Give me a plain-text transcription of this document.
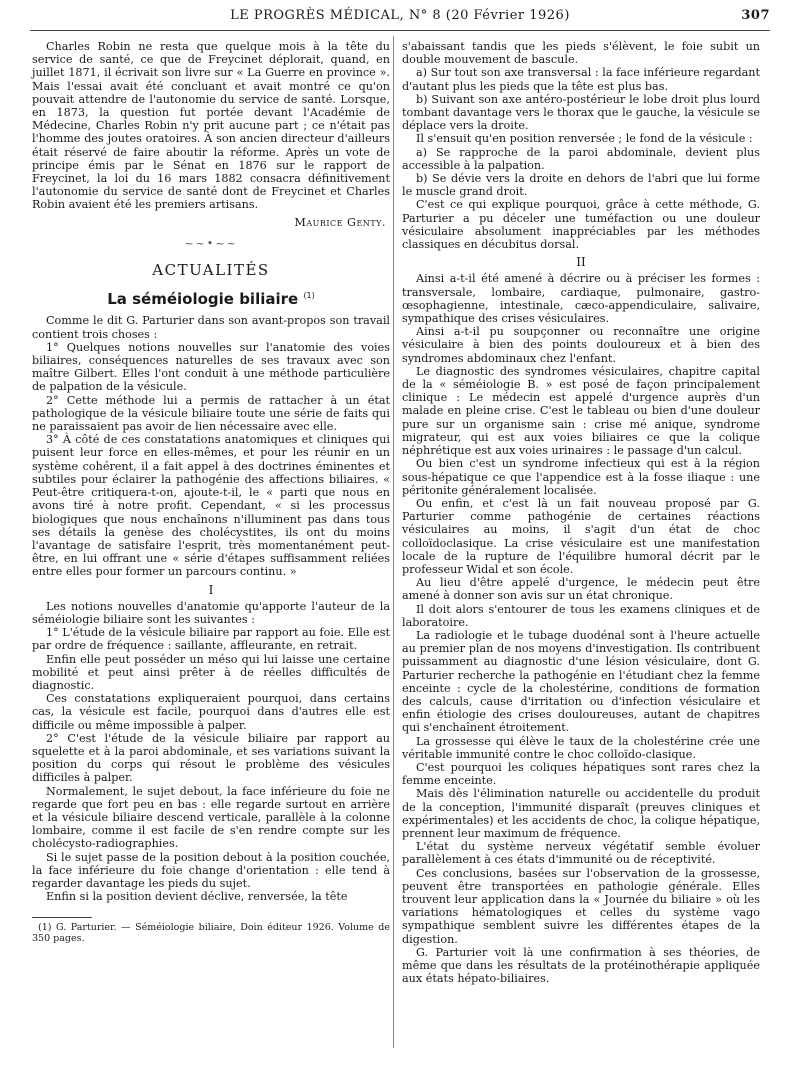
LE PROGRÈS MÉDICAL, N° 8 (20 Février 1926)	307

Charles Robin ne resta que quelque mois à la tête du service de santé, ce que de Freycinet déplorait, quand, en juillet 1871, il écrivait son livre sur « La Guerre en province ». Mais l'essai avait été concluant et avait montré ce qu'on pouvait attendre de l'autonomie du service de santé. Lorsque, en 1873, la question fut portée devant l'Académie de Médecine, Charles Robin n'y prit aucune part ; ce n'était pas l'homme des joutes oratoires. À son ancien directeur d'ailleurs était réservé de faire aboutir la réforme. Après un vote de principe émis par le Sénat en 1876 sur le rapport de Freycinet, la loi du 16 mars 1882 consacra définitivement l'autonomie du service de santé dont de Freycinet et Charles Robin avaient été les premiers artisans.

Maurice Genty.

~~•~~

ACTUALITÉS

La séméiologie biliaire $^{(1)}$

Comme le dit G. Parturier dans son avant-propos son travail contient trois choses :

1° Quelques notions nouvelles sur l'anatomie des voies biliaires, conséquences naturelles de ses travaux avec son maître Gilbert. Elles l'ont conduit à une méthode particulière de palpation de la vésicule.

2° Cette méthode lui a permis de rattacher à un état pathologique de la vésicule biliaire toute une série de faits qui ne paraissaient pas avoir de lien nécessaire avec elle.

3° À côté de ces constatations anatomiques et cliniques qui puisent leur force en elles-mêmes, et pour les réunir en un système cohérent, il a fait appel à des doctrines éminentes et subtiles pour éclairer la pathogénie des affections biliaires. « Peut-être critiquera-t-on, ajoute-t-il, le « parti que nous en avons tiré à notre profit. Cependant, « si les processus biologiques que nous enchaînons n'illuminent pas dans tous ses détails la genèse des cholécystites, ils ont du moins l'avantage de satisfaire l'esprit, très momentanément peut-être, en lui offrant une « série d'étapes suffisamment reliées entre elles pour former un parcours continu. »

I

Les notions nouvelles d'anatomie qu'apporte l'auteur de la séméiologie biliaire sont les suivantes :

1° L'étude de la vésicule biliaire par rapport au foie. Elle est par ordre de fréquence : saillante, affleurante, en retrait.

Enfin elle peut posséder un méso qui lui laisse une certaine mobilité et peut ainsi prêter à de réelles difficultés de diagnostic.

Ces constatations expliqueraient pourquoi, dans certains cas, la vésicule est facile, pourquoi dans d'autres elle est difficile ou même impossible à palper.

2° C'est l'étude de la vésicule biliaire par rapport au squelette et à la paroi abdominale, et ses variations suivant la position du corps qui résout le problème des vésicules difficiles à palper.

Normalement, le sujet debout, la face inférieure du foie ne regarde que fort peu en bas : elle regarde surtout en arrière et la vésicule biliaire descend verticale, parallèle à la colonne lombaire, comme il est facile de s'en rendre compte sur les cholécysto-radiographies.

Si le sujet passe de la position debout à la position couchée, la face inférieure du foie change d'orientation : elle tend à regarder davantage les pieds du sujet.

Enfin si la position devient déclive, renversée, la tête

(1) G. Parturier. — Séméiologie biliaire, Doin éditeur 1926. Volume de 350 pages.

s'abaissant tandis que les pieds s'élèvent, le foie subit un double mouvement de bascule.

a) Sur tout son axe transversal : la face inférieure regardant d'autant plus les pieds que la tête est plus bas.

b) Suivant son axe antéro-postérieur le lobe droit plus lourd tombant davantage vers le thorax que le gauche, la vésicule se déplace vers la droite.

Il s'ensuit qu'en position renversée ; le fond de la vésicule :

a) Se rapproche de la paroi abdominale, devient plus accessible à la palpation.

b) Se dévie vers la droite en dehors de l'abri que lui forme le muscle grand droit.

C'est ce qui explique pourquoi, grâce à cette méthode, G. Parturier a pu déceler une tuméfaction ou une douleur vésiculaire absolument inappréciables par les méthodes classiques en décubitus dorsal.

II

Ainsi a-t-il été amené à décrire ou à préciser les formes : transversale, lombaire, cardiaque, pulmonaire, gastro-œsophagienne, intestinale, cæco-appendiculaire, salivaire, sympathique des crises vésiculaires.

Ainsi a-t-il pu soupçonner ou reconnaître une origine vésiculaire à bien des points douloureux et à bien des syndromes abdominaux chez l'enfant.

Le diagnostic des syndromes vésiculaires, chapitre capital de la « séméiologie B. » est posé de façon principalement clinique : Le médecin est appelé d'urgence auprès d'un malade en pleine crise. C'est le tableau ou bien d'une douleur pure sur un organisme sain : crise mé anique, syndrome migrateur, qui est aux voies biliaires ce que la colique néphrétique est aux voies urinaires : le passage d'un calcul.

Ou bien c'est un syndrome infectieux qui est à la région sous-hépatique ce que l'appendice est à la fosse iliaque : une péritonite généralement localisée.

Ou enfin, et c'est là un fait nouveau proposé par G. Parturier comme pathogénie de certaines réactions vésiculaires au moins, il s'agit d'un état de choc colloïdoclasique. La crise vésiculaire est une manifestation locale de la rupture de l'équilibre humoral décrit par le professeur Widal et son école.

Au lieu d'être appelé d'urgence, le médecin peut être amené à donner son avis sur un état chronique.

Il doit alors s'entourer de tous les examens cliniques et de laboratoire.

La radiologie et le tubage duodénal sont à l'heure actuelle au premier plan de nos moyens d'investigation. Ils contribuent puissamment au diagnostic d'une lésion vésiculaire, dont G. Parturier recherche la pathogénie en l'étudiant chez la femme enceinte : cycle de la cholestérine, conditions de formation des calculs, cause d'irritation ou d'infection vésiculaire et enfin étiologie des crises douloureuses, autant de chapitres qui s'enchaînent étroitement.

La grossesse qui élève le taux de la cholestérine crée une véritable immunité contre le choc colloïdo-clasique.

C'est pourquoi les coliques hépatiques sont rares chez la femme enceinte.

Mais dès l'élimination naturelle ou accidentelle du produit de la conception, l'immunité disparaît (preuves cliniques et expérimentales) et les accidents de choc, la colique hépatique, prennent leur maximum de fréquence.

L'état du système nerveux végétatif semble évoluer parallèlement à ces états d'immunité ou de réceptivité.

Ces conclusions, basées sur l'observation de la grossesse, peuvent être transportées en pathologie générale. Elles trouvent leur application dans la « Journée du biliaire » où les variations hématologiques et celles du système vago sympathique semblent suivre les différentes étapes de la digestion.

G. Parturier voit là une confirmation à ses théories, de même que dans les résultats de la protéinothérapie appliquée aux états hépato-biliaires.
